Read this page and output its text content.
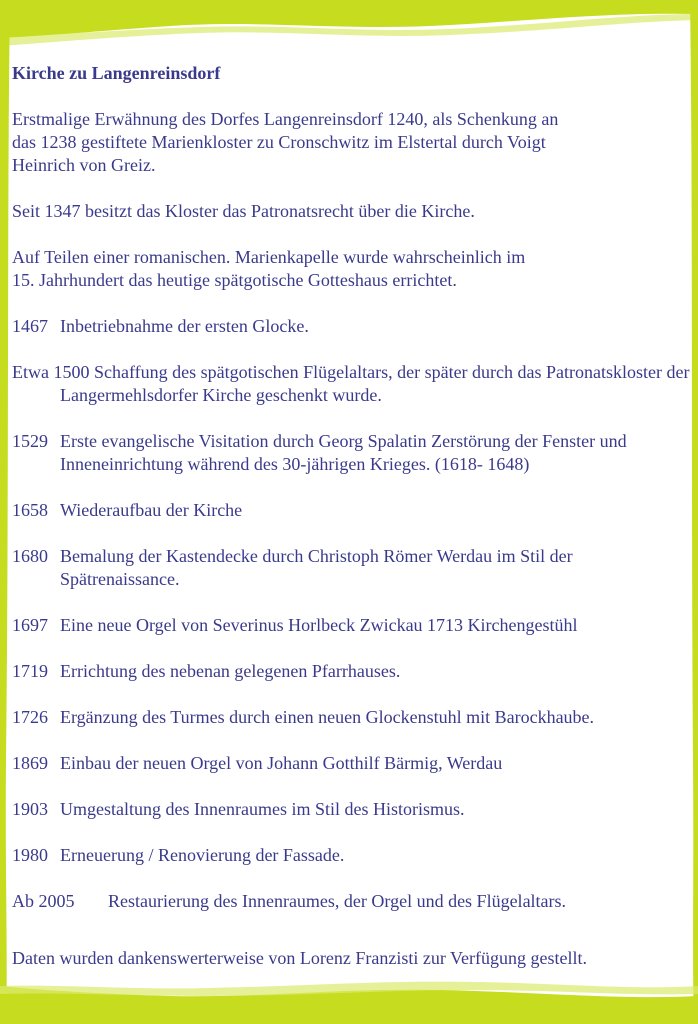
Kirche zu Langenreinsdorf
Erstmalige Erwähnung des Dorfes Langenreinsdorf 1240, als Schenkung an
das 1238 gestiftete Marienkloster zu Cronschwitz im Elstertal durch Voigt
Heinrich von Greiz.
Seit 1347 besitzt das Kloster das Patronatsrecht über die Kirche.
Auf Teilen einer romanischen. Marienkapelle wurde wahrscheinlich im
15. Jahrhundert das heutige spätgotische Gotteshaus errichtet.
1467 Inbetriebnahme der ersten Glocke.
Etwa 1500 Schaffung des spätgotischen Flügelaltars, der später durch das Patronatskloster der Langermehlsdorfer Kirche geschenkt wurde.
1529 Erste evangelische Visitation durch Georg Spalatin Zerstörung der Fenster und Inneneinrichtung während des 30-jährigen Krieges. (1618- 1648)
1658 Wiederaufbau der Kirche
1680 Bemalung der Kastendecke durch Christoph Römer Werdau im Stil der Spätrenaissance.
1697 Eine neue Orgel von Severinus Horlbeck Zwickau 1713 Kirchengestühl
1719 Errichtung des nebenan gelegenen Pfarrhauses.
1726 Ergänzung des Turmes durch einen neuen Glockenstuhl mit Barockhaube.
1869 Einbau der neuen Orgel von Johann Gotthilf Bärmig, Werdau
1903 Umgestaltung des Innenraumes im Stil des Historismus.
1980 Erneuerung / Renovierung der Fassade.
Ab 2005	Restaurierung des Innenraumes, der Orgel und des Flügelaltars.
Daten wurden dankenswerterweise von Lorenz Franzisti zur Verfügung gestellt.
